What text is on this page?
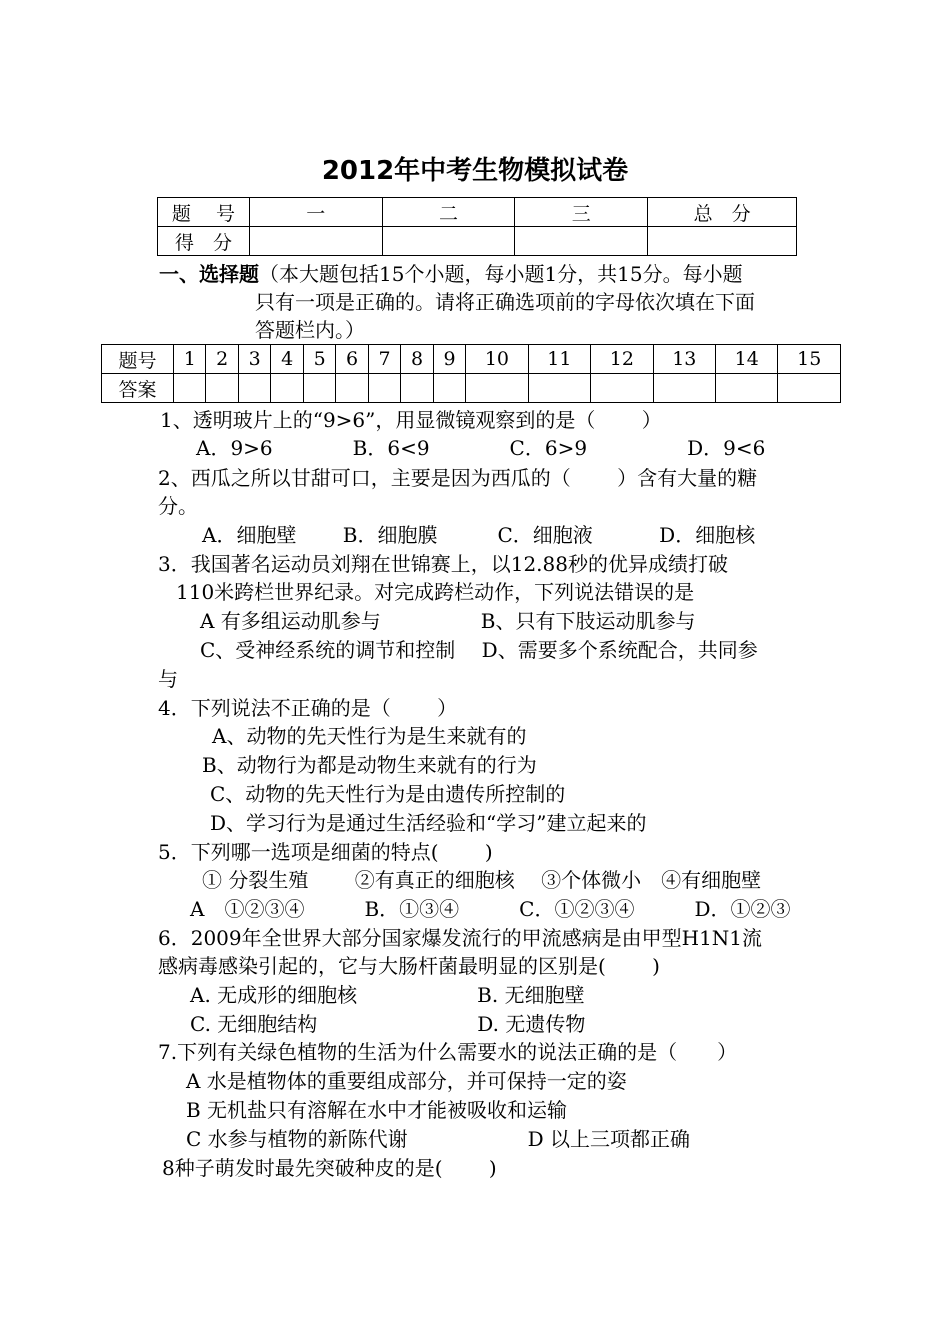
2012年中考生物模拟试卷
题　 号	一	二	三	总　分
得　分				
一、选择题（本大题包括15个小题，每小题1分，共15分。每小题
只有一项是正确的。请将正确选项前的字母依次填在下面
答题栏内。）
题号	1	2	3	4	5	6	7	8	9	10	11	12	13	14	15
答案															
1、透明玻片上的“9>6”，用显微镜观察到的是（　　 ）
A．9>6　　　　B．6<9　　　　C．6>9　　　　　D．9<6
2、西瓜之所以甘甜可口，主要是因为西瓜的（　　 ）含有大量的糖
分。
A．细胞壁　　 B．细胞膜　　　C．细胞液　　　 D．细胞核
3．我国著名运动员刘翔在世锦赛上，以12.88秒的优异成绩打破
110米跨栏世界纪录。对完成跨栏动作，下列说法错误的是
A 有多组运动肌参与　　　　　B、只有下肢运动肌参与
C、受神经系统的调节和控制　 D、需要多个系统配合，共同参
与
4．下列说法不正确的是（　　 ）
A、动物的先天性行为是生来就有的
B、动物行为都是动物生来就有的行为
C、动物的先天性行为是由遗传所控制的
D、学习行为是通过生活经验和“学习”建立起来的
5．下列哪一选项是细菌的特点(　　 )
① 分裂生殖　　 ②有真正的细胞核　 ③个体微小　④有细胞壁
A　①②③④　　　B．①③④　　　C．①②③④　　　D．①②③
6．2009年全世界大部分国家爆发流行的甲流感病是由甲型H1N1流
感病毒感染引起的，它与大肠杆菌最明显的区别是(　　 )
A. 无成形的细胞核　　　　　　B. 无细胞壁
C. 无细胞结构　　　　　　　　D. 无遗传物
7.下列有关绿色植物的生活为什么需要水的说法正确的是（　　）
A 水是植物体的重要组成部分，并可保持一定的姿
B 无机盐只有溶解在水中才能被吸收和运输
C 水参与植物的新陈代谢　　　　　　D 以上三项都正确
8种子萌发时最先突破种皮的是(　　 )
